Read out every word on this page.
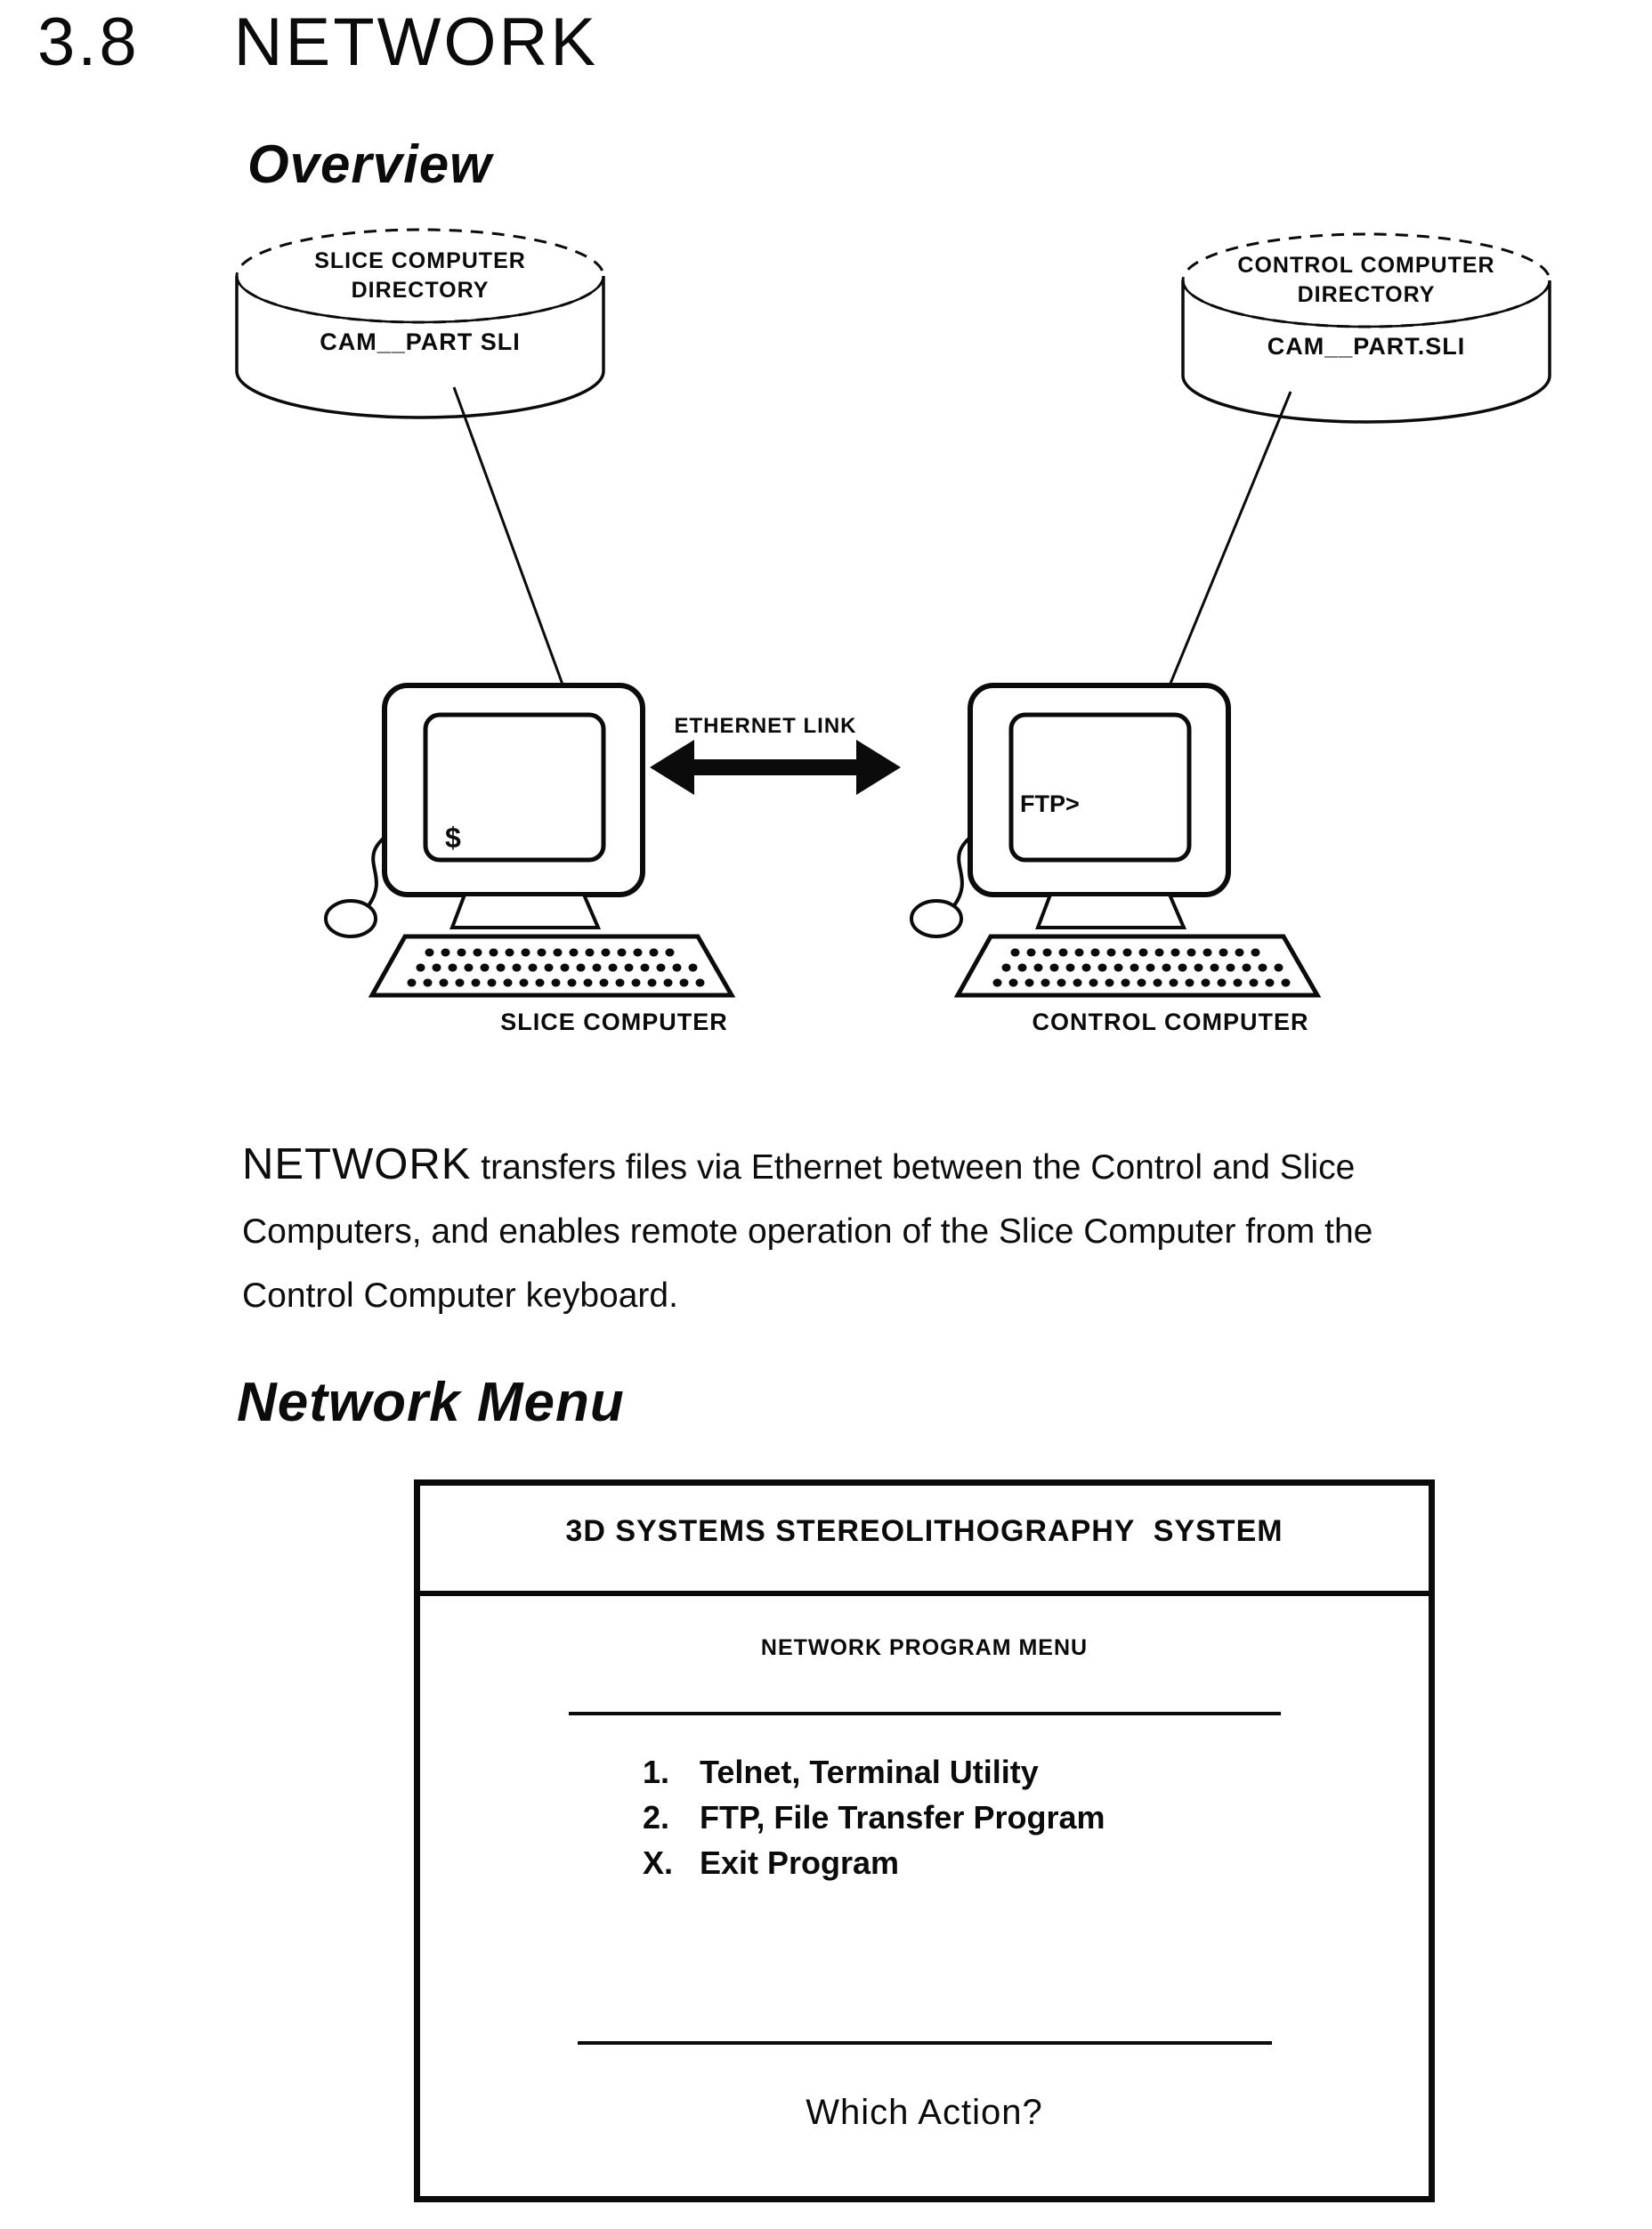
3.8 NETWORK
Overview
SLICE COMPUTER
DIRECTORY
CAM__PART SLI
CONTROL COMPUTER
DIRECTORY
CAM__PART.SLI
$
FTP>
ETHERNET LINK
SLICE COMPUTER	CONTROL COMPUTER

NETWORK transfers files via Ethernet between the Control and Slice Computers, and enables remote operation of the Slice Computer from the Control Computer keyboard.

Network Menu
3D SYSTEMS STEREOLITHOGRAPHY  SYSTEM
NETWORK PROGRAM MENU
1. Telnet, Terminal Utility
2. FTP, File Transfer Program
X. Exit Program
Which Action?
